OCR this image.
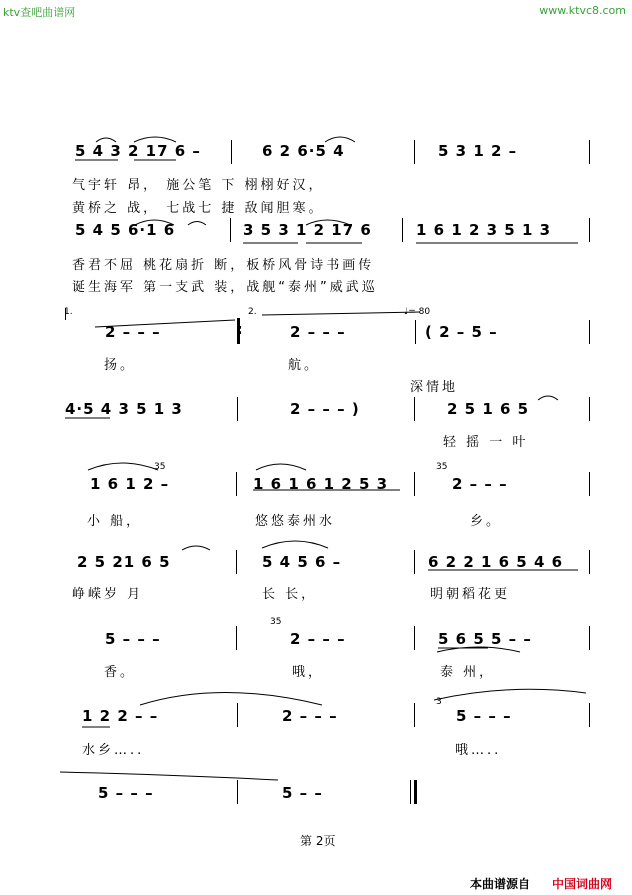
ktv查吧曲谱网	www.ktvc8.com
1.	2.	♩= 80
:
5 4 3 2 17 6 –	6 2 6·5 4	5 3 1 2 –
气宇轩 昂， 施公笔 下 栩栩好汉，
黄桥之 战， 七战七 捷 敌闻胆寒。
5 4 5 6·1 6	3 5 3 1 2 17 6	1 6 1 2 3 5 1 3
香君不屈 桃花扇折 断，板桥风骨诗书画传
诞生海军 第一支武 装，战舰“泰州”威武巡
2 – – –	2 – – –	( 2 – 5 –
扬。	航。
深情地
4·5 4 3 5 1 3	2 – – – )	2 5 1 6 5
轻 摇 一 叶
35	35
1 6 1 2 –	1 6 1 6 1 2 5 3	2 – – –
小 船，	悠悠泰州水	乡。
2 5 21 6 5	5 4 5 6 –	6 2 2 1 6 5 4 6
峥嵘岁 月	长 长，	明朝稻花更
35
5 – – –	2 – – –	5 6 5 5 – –
香。	哦，	泰 州，
3
1 2 2 – –	2 – – –	5 – – –
水乡…..	哦…..
5 – – –	5 – –
第 2页
本曲谱源自 中国词曲网
